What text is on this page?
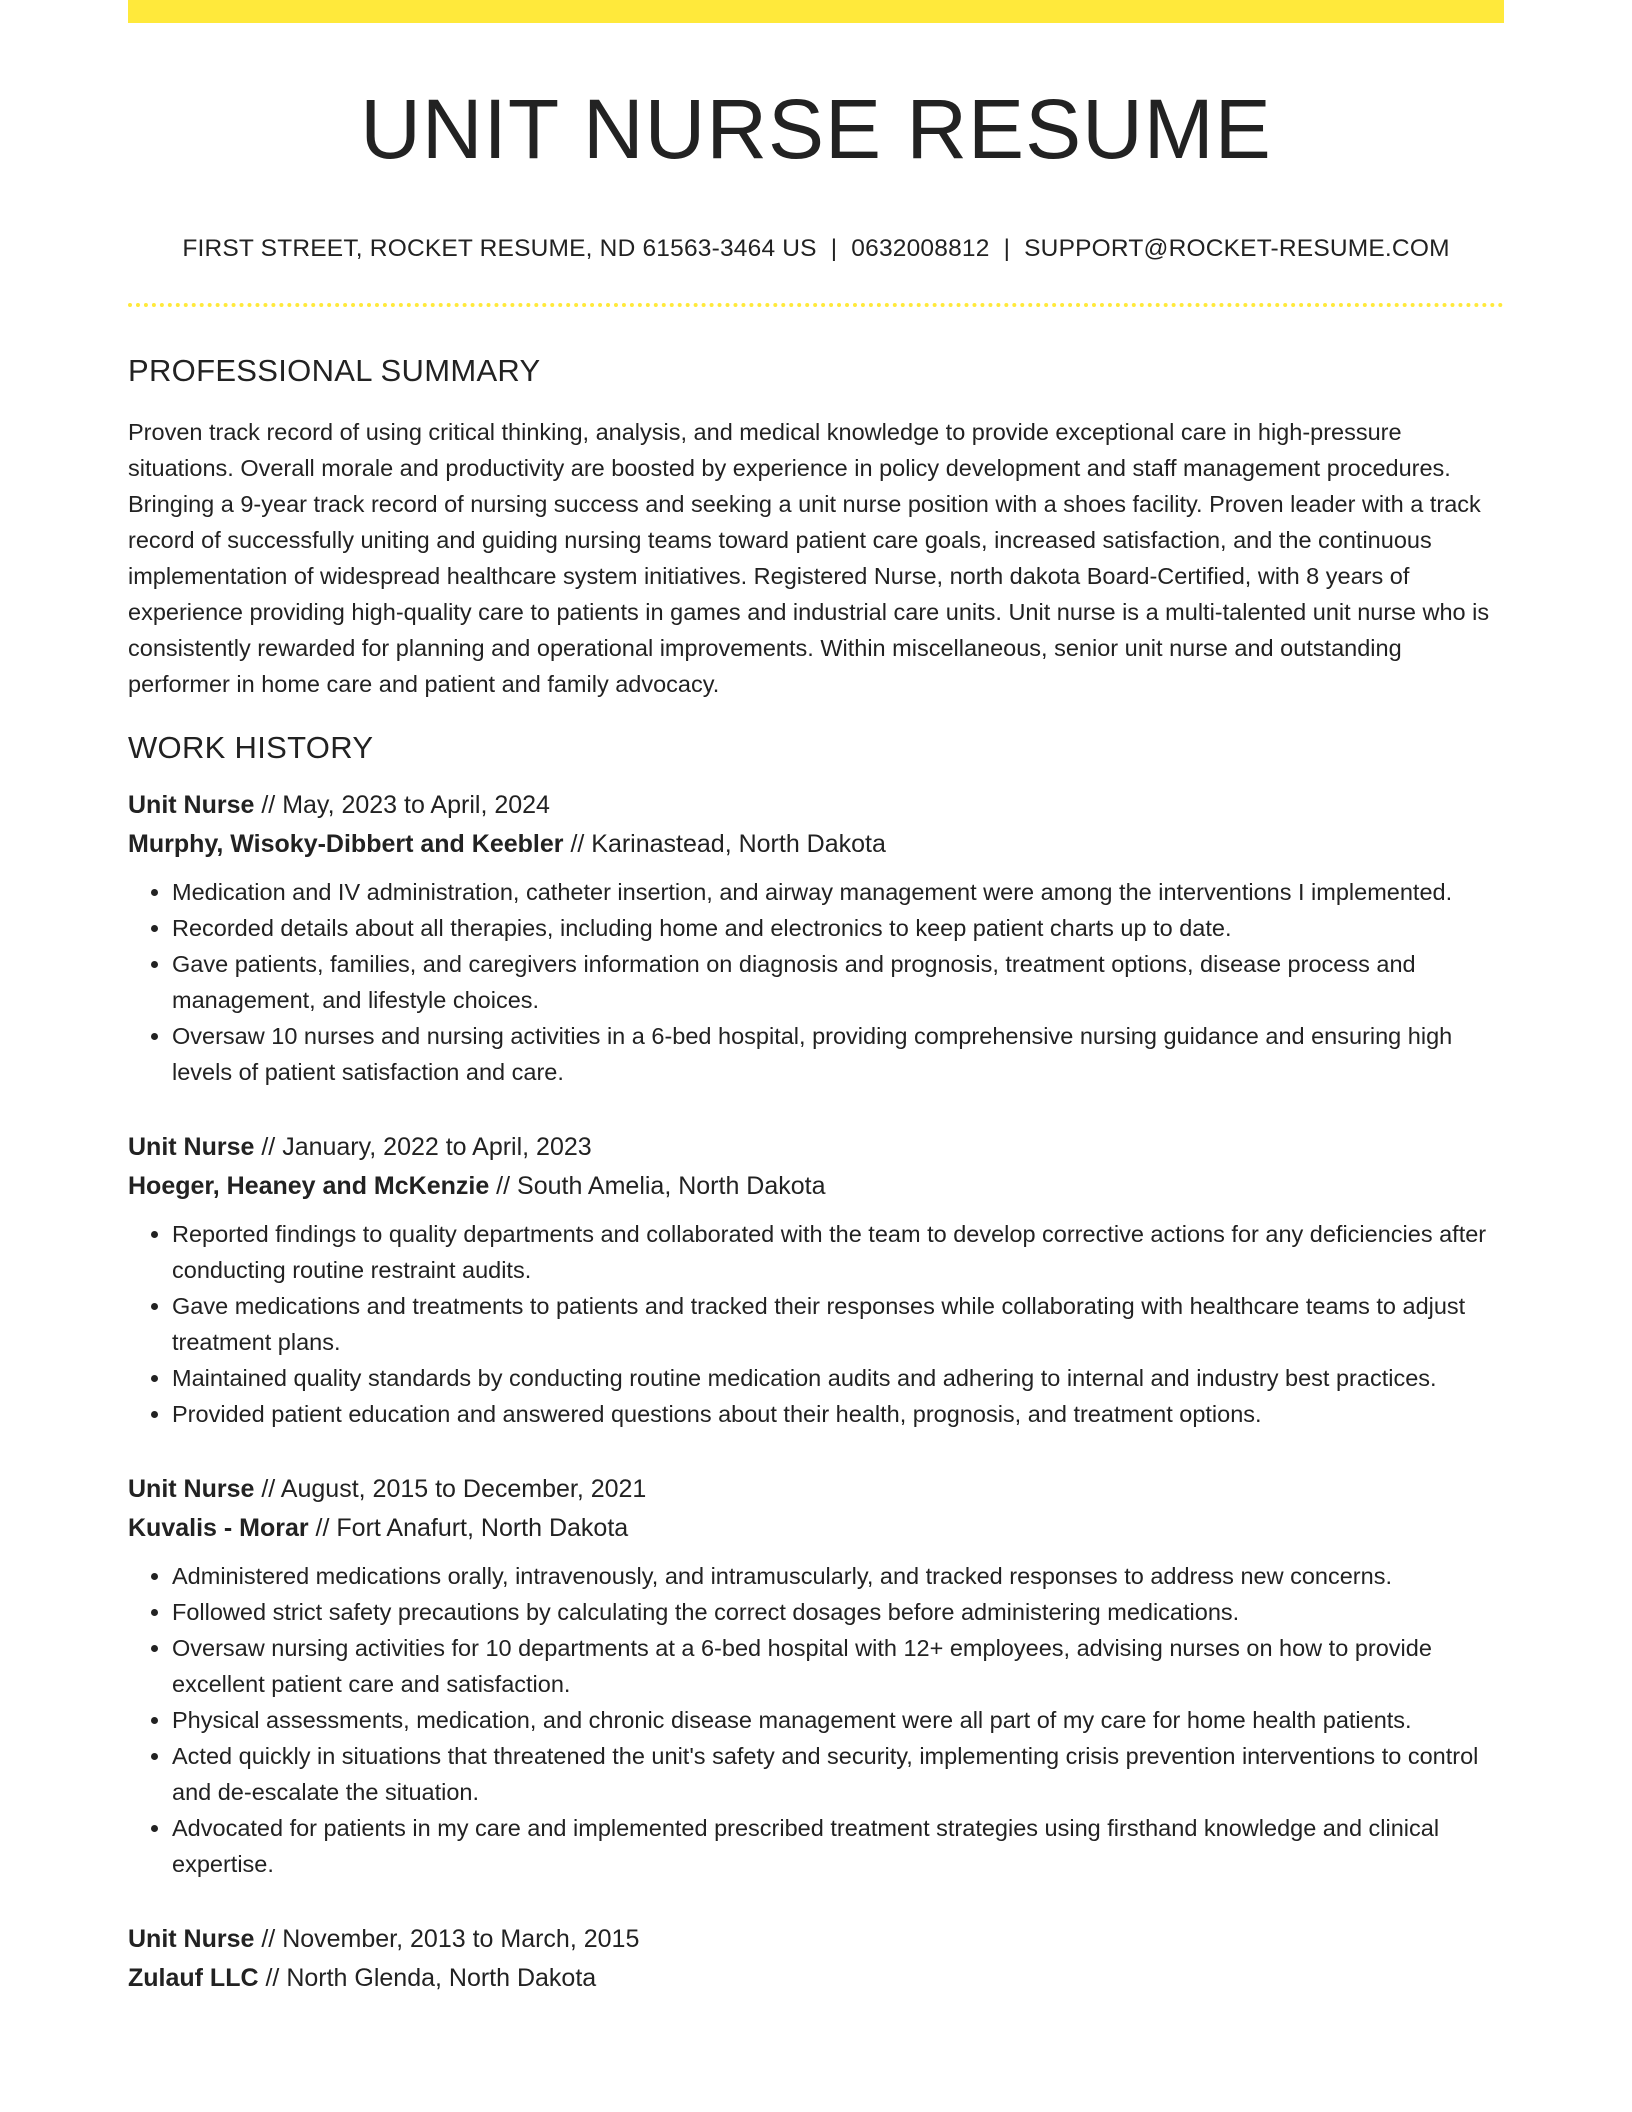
UNIT NURSE RESUME
FIRST STREET, ROCKET RESUME, ND 61563-3464 US | 0632008812 | SUPPORT@ROCKET-RESUME.COM
PROFESSIONAL SUMMARY

Proven track record of using critical thinking, analysis, and medical knowledge to provide exceptional care in high-pressure situations. Overall morale and productivity are boosted by experience in policy development and staff management procedures. Bringing a 9-year track record of nursing success and seeking a unit nurse position with a shoes facility. Proven leader with a track record of successfully uniting and guiding nursing teams toward patient care goals, increased satisfaction, and the continuous implementation of widespread healthcare system initiatives. Registered Nurse, north dakota Board-Certified, with 8 years of experience providing high-quality care to patients in games and industrial care units. Unit nurse is a multi-talented unit nurse who is consistently rewarded for planning and operational improvements. Within miscellaneous, senior unit nurse and outstanding performer in home care and patient and family advocacy.

WORK HISTORY
Unit Nurse // May, 2023 to April, 2024
Murphy, Wisoky-Dibbert and Keebler // Karinastead, North Dakota
• Medication and IV administration, catheter insertion, and airway management were among the interventions I implemented.
• Recorded details about all therapies, including home and electronics to keep patient charts up to date.
• Gave patients, families, and caregivers information on diagnosis and prognosis, treatment options, disease process and management, and lifestyle choices.
• Oversaw 10 nurses and nursing activities in a 6-bed hospital, providing comprehensive nursing guidance and ensuring high levels of patient satisfaction and care.
Unit Nurse // January, 2022 to April, 2023
Hoeger, Heaney and McKenzie // South Amelia, North Dakota
• Reported findings to quality departments and collaborated with the team to develop corrective actions for any deficiencies after conducting routine restraint audits.
• Gave medications and treatments to patients and tracked their responses while collaborating with healthcare teams to adjust treatment plans.
• Maintained quality standards by conducting routine medication audits and adhering to internal and industry best practices.
• Provided patient education and answered questions about their health, prognosis, and treatment options.
Unit Nurse // August, 2015 to December, 2021
Kuvalis - Morar // Fort Anafurt, North Dakota
• Administered medications orally, intravenously, and intramuscularly, and tracked responses to address new concerns.
• Followed strict safety precautions by calculating the correct dosages before administering medications.
• Oversaw nursing activities for 10 departments at a 6-bed hospital with 12+ employees, advising nurses on how to provide excellent patient care and satisfaction.
• Physical assessments, medication, and chronic disease management were all part of my care for home health patients.
• Acted quickly in situations that threatened the unit's safety and security, implementing crisis prevention interventions to control and de-escalate the situation.
• Advocated for patients in my care and implemented prescribed treatment strategies using firsthand knowledge and clinical expertise.
Unit Nurse // November, 2013 to March, 2015
Zulauf LLC // North Glenda, North Dakota
